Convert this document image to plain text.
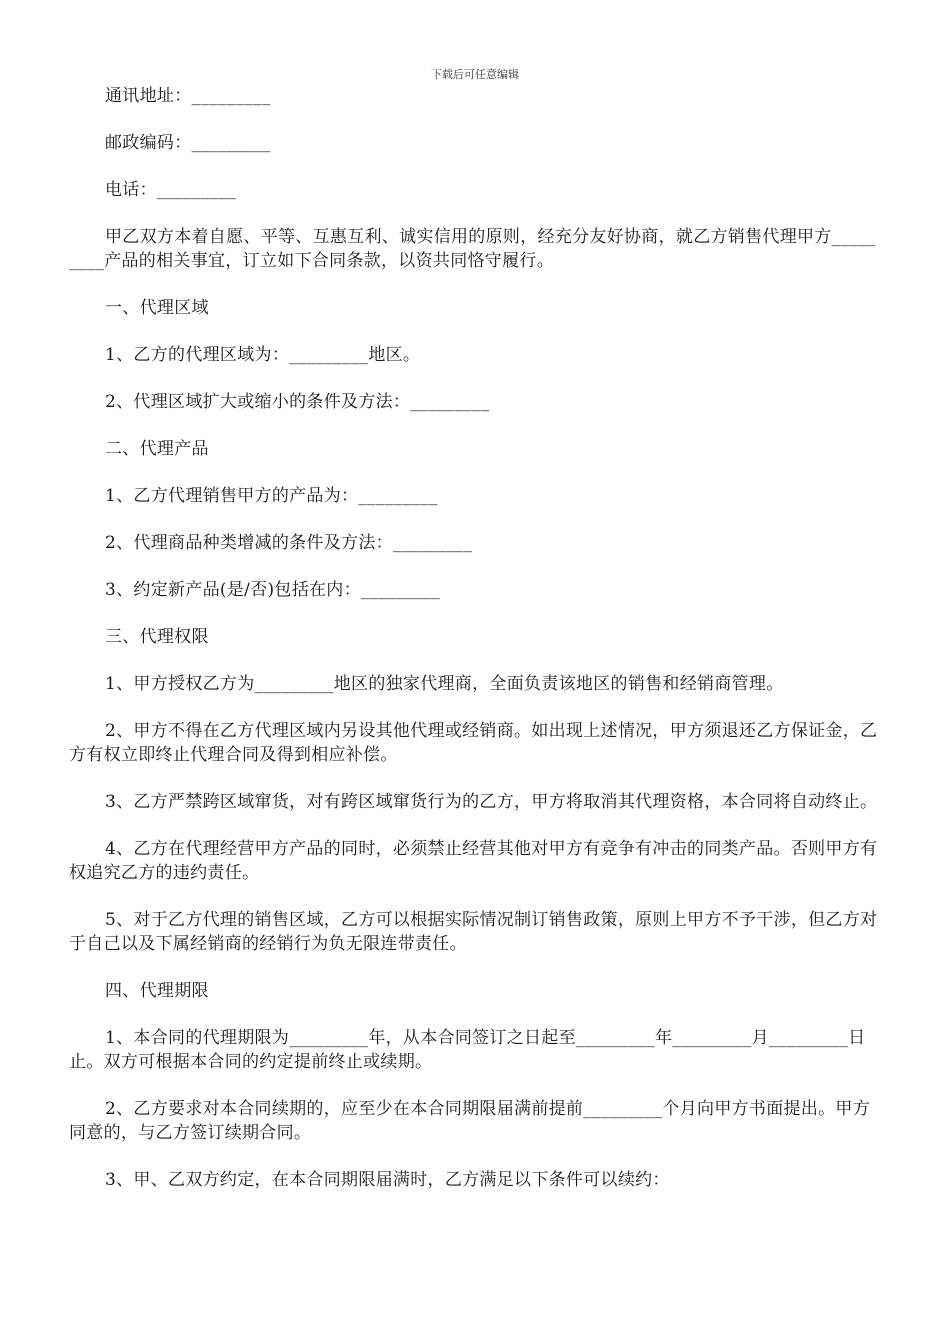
下载后可任意编辑

通讯地址：_________

邮政编码：_________

电话：_________

甲乙双方本着自愿、平等、互惠互利、诚实信用的原则，经充分友好协商，就乙方销售代理甲方_________产品的相关事宜，订立如下合同条款，以资共同恪守履行。

一、代理区域

1、乙方的代理区域为：_________地区。

2、代理区域扩大或缩小的条件及方法：_________

二、代理产品

1、乙方代理销售甲方的产品为：_________

2、代理商品种类增减的条件及方法：_________

3、约定新产品(是/否)包括在内：_________

三、代理权限

1、甲方授权乙方为_________地区的独家代理商，全面负责该地区的销售和经销商管理。

2、甲方不得在乙方代理区域内另设其他代理或经销商。如出现上述情况，甲方须退还乙方保证金，乙方有权立即终止代理合同及得到相应补偿。

3、乙方严禁跨区域窜货，对有跨区域窜货行为的乙方，甲方将取消其代理资格，本合同将自动终止。

4、乙方在代理经营甲方产品的同时，必须禁止经营其他对甲方有竞争有冲击的同类产品。否则甲方有权追究乙方的违约责任。

5、对于乙方代理的销售区域，乙方可以根据实际情况制订销售政策，原则上甲方不予干涉，但乙方对于自己以及下属经销商的经销行为负无限连带责任。

四、代理期限

1、本合同的代理期限为_________年，从本合同签订之日起至_________年_________月_________日止。双方可根据本合同的约定提前终止或续期。

2、乙方要求对本合同续期的，应至少在本合同期限届满前提前_________个月向甲方书面提出。甲方同意的，与乙方签订续期合同。

3、甲、乙双方约定，在本合同期限届满时，乙方满足以下条件可以续约：
